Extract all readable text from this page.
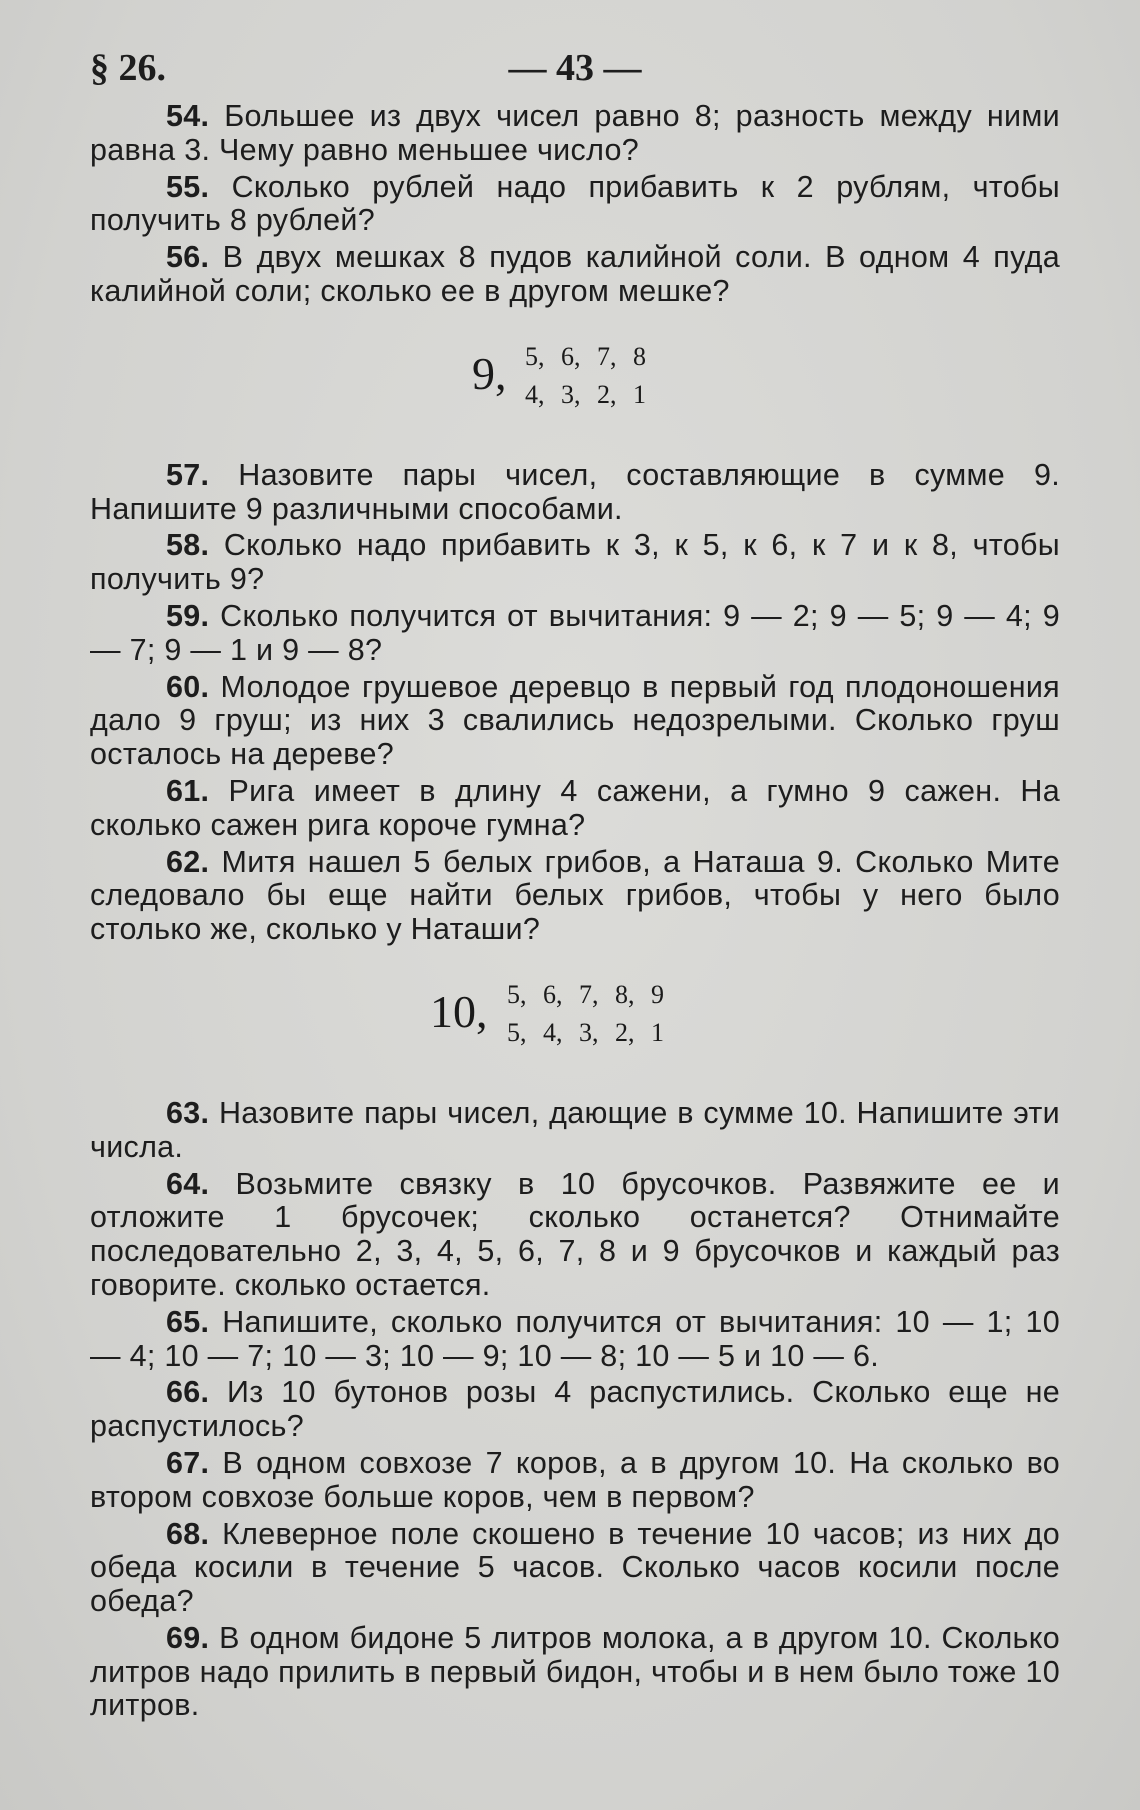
§ 26.	— 43 —

54. Большее из двух чисел равно 8; разность между ними равна 3. Чему равно меньшее число?

55. Сколько рублей надо прибавить к 2 рублям, чтобы получить 8 рублей?

56. В двух мешках 8 пудов калийной соли. В одном 4 пуда калийной соли; сколько ее в другом мешке?

9, 5, 6, 7, 8
4, 3, 2, 1

57. Назовите пары чисел, составляющие в сумме 9. Напишите 9 различными способами.

58. Сколько надо прибавить к 3, к 5, к 6, к 7 и к 8, чтобы получить 9?

59. Сколько получится от вычитания: 9 — 2; 9 — 5; 9 — 4; 9 — 7; 9 — 1 и 9 — 8?

60. Молодое грушевое деревцо в первый год плодоношения дало 9 груш; из них 3 свалились недозрелыми. Сколько груш осталось на дереве?

61. Рига имеет в длину 4 сажени, а гумно 9 сажен. На сколько сажен рига короче гумна?

62. Митя нашел 5 белых грибов, а Наташа 9. Сколько Мите следовало бы еще найти белых грибов, чтобы у него было столько же, сколько у Наташи?

10, 5, 6, 7, 8, 9
5, 4, 3, 2, 1

63. Назовите пары чисел, дающие в сумме 10. Напишите эти числа.

64. Возьмите связку в 10 брусочков. Развяжите ее и отложите 1 брусочек; сколько останется? Отнимайте последовательно 2, 3, 4, 5, 6, 7, 8 и 9 брусочков и каждый раз говорите. сколько остается.

65. Напишите, сколько получится от вычитания: 10 — 1; 10 — 4; 10 — 7; 10 — 3; 10 — 9; 10 — 8; 10 — 5 и 10 — 6.

66. Из 10 бутонов розы 4 распустились. Сколько еще не распустилось?

67. В одном совхозе 7 коров, а в другом 10. На сколько во втором совхозе больше коров, чем в первом?

68. Клеверное поле скошено в течение 10 часов; из них до обеда косили в течение 5 часов. Сколько часов косили после обеда?

69. В одном бидоне 5 литров молока, а в другом 10. Сколько литров надо прилить в первый бидон, чтобы и в нем было тоже 10 литров.
